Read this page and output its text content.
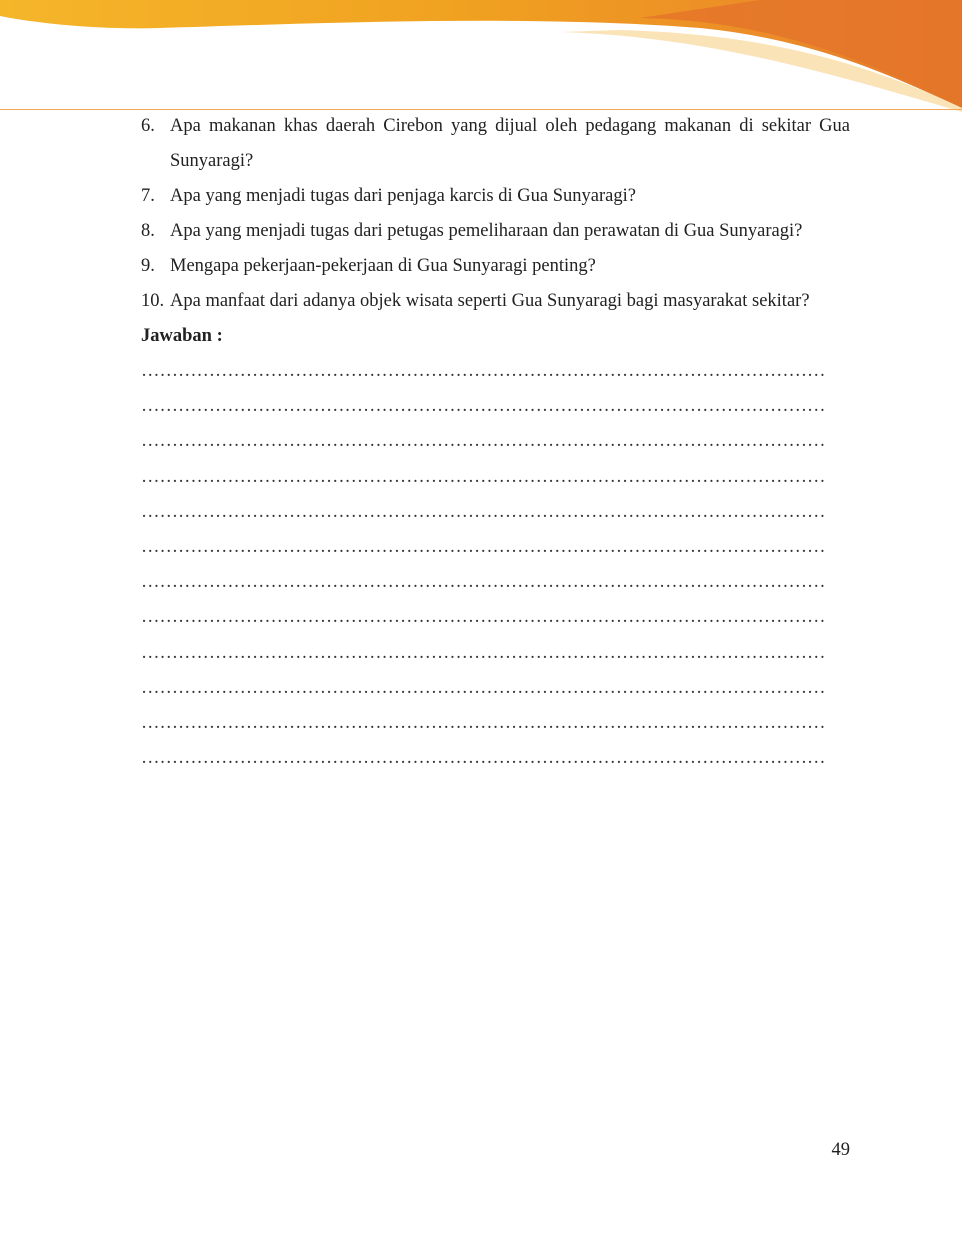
6. Apa makanan khas daerah Cirebon yang dijual oleh pedagang makanan di sekitar Gua Sunyaragi?
7. Apa yang menjadi tugas dari penjaga karcis di Gua Sunyaragi?
8. Apa yang menjadi tugas dari petugas pemeliharaan dan perawatan di Gua Sunyaragi?
9. Mengapa pekerjaan-pekerjaan di Gua Sunyaragi penting?
10. Apa manfaat dari adanya objek wisata seperti Gua Sunyaragi bagi masyarakat sekitar?

Jawaban :

…………………………………………………………………………………………………
…………………………………………………………………………………………………
…………………………………………………………………………………………………
…………………………………………………………………………………………………
…………………………………………………………………………………………………
…………………………………………………………………………………………………
…………………………………………………………………………………………………
…………………………………………………………………………………………………
…………………………………………………………………………………………………
…………………………………………………………………………………………………
…………………………………………………………………………………………………
…………………………………………………………………………………………………
49
